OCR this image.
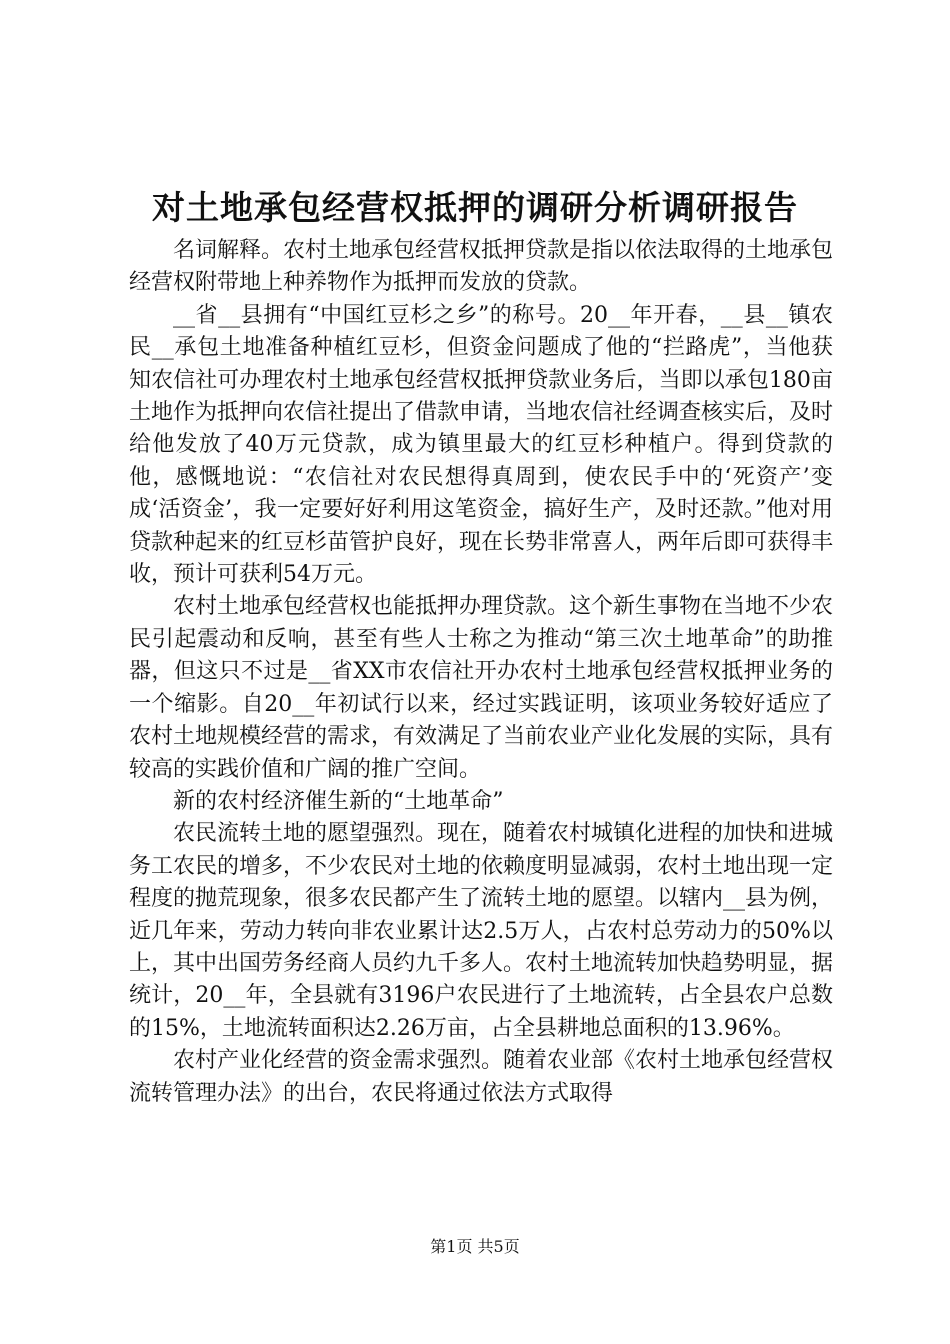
对土地承包经营权抵押的调研分析调研报告

名词解释。农村土地承包经营权抵押贷款是指以依法取得的土地承包经营权附带地上种养物作为抵押而发放的贷款。

__省__县拥有“中国红豆杉之乡”的称号。20__年开春，__县__镇农民__承包土地准备种植红豆杉，但资金问题成了他的“拦路虎”，当他获知农信社可办理农村土地承包经营权抵押贷款业务后，当即以承包180亩土地作为抵押向农信社提出了借款申请，当地农信社经调查核实后，及时给他发放了40万元贷款，成为镇里最大的红豆杉种植户。得到贷款的他，感慨地说：“农信社对农民想得真周到，使农民手中的‘死资产’变成‘活资金’，我一定要好好利用这笔资金，搞好生产，及时还款。”他对用贷款种起来的红豆杉苗管护良好，现在长势非常喜人，两年后即可获得丰收，预计可获利54万元。

农村土地承包经营权也能抵押办理贷款。这个新生事物在当地不少农民引起震动和反响，甚至有些人士称之为推动“第三次土地革命”的助推器，但这只不过是__省XX市农信社开办农村土地承包经营权抵押业务的一个缩影。自20__年初试行以来，经过实践证明，该项业务较好适应了农村土地规模经营的需求，有效满足了当前农业产业化发展的实际，具有较高的实践价值和广阔的推广空间。

新的农村经济催生新的“土地革命”

农民流转土地的愿望强烈。现在，随着农村城镇化进程的加快和进城务工农民的增多，不少农民对土地的依赖度明显减弱，农村土地出现一定程度的抛荒现象，很多农民都产生了流转土地的愿望。以辖内__县为例，近几年来，劳动力转向非农业累计达2.5万人，占农村总劳动力的50%以上，其中出国劳务经商人员约九千多人。农村土地流转加快趋势明显，据统计，20__年，全县就有3196户农民进行了土地流转，占全县农户总数的15%，土地流转面积达2.26万亩，占全县耕地总面积的13.96%。

农村产业化经营的资金需求强烈。随着农业部《农村土地承包经营权流转管理办法》的出台，农民将通过依法方式取得

第1页 共5页
